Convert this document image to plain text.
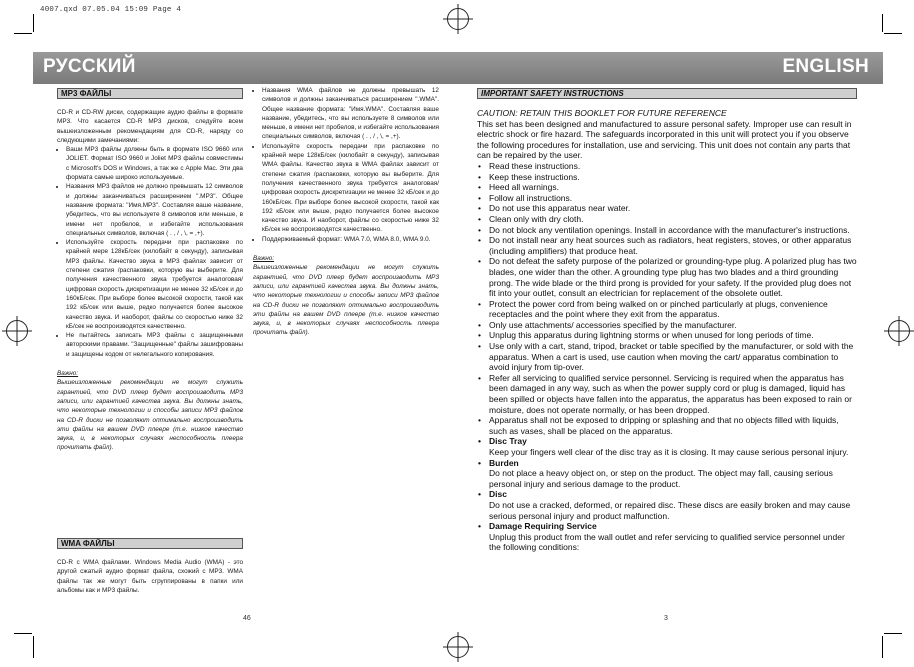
4007.qxd 07.05.04 15:09 Page 4
РУССКИЙ	ENGLISH
MP3 ФАЙЛЫ

CD-R и CD-RW диски, содержащие аудио файлы в формате MP3. Что касается CD-R MP3 дисков, следуйте всем вышеизложенным рекомендациям для CD-R, наряду со следующими замечаниями:

• Ваши MP3 файлы должны быть в формате ISO 9660 или JOLIET. Формат ISO 9660 и Joliet MP3 файлы совместимы с Microsoft's DOS и Windows, а так же с Apple Mac. Эти два формата самые широко используемые.
• Названия MP3 файлов не должно превышать 12 символов и должны заканчиваться расширением ".MP3". Общее название формата: "Имя.MP3". Составляя ваше название, убедитесь, что вы используете 8 символов или меньше, в имени нет пробелов, и избегайте использования специальных символов, включая ( . , / , \, = ,+).
• Используйте скорость передачи при распаковке по крайней мере 128кБ/сек (килобайт в секунду), записывая MP3 файлы. Качество звука в MP3 файлах зависит от степени сжатия /распаковки, которую вы выберите. Для получения качественного звука требуется аналоговая/цифровая скорость дискретизации не менее 32 кБ/сек и до 160кБ/сек. При выборе более высокой скорости, такой как 192 кБ/сек или выше, редко получается более высокое качество звука. И наоборот, файлы со скоростью ниже 32 кБ/сек не воспроизводятся качественно.
• Не пытайтесь записать MP3 файлы с защищенными авторскими правами. "Защищенные" файлы зашифрованы и защищены кодом от нелегального копирования.

Важно:

Вышеизложенные рекомендации не могут служить гарантией, что DVD плеер будет воспроизводить MP3 записи, или гарантией качества звука. Вы должны знать, что некоторые технологии и способы записи MP3 файлов на CD-R диски не позволяют оптимально воспроизводить эти файлы на вашем DVD плеере (т.е. низкое качество звука, и, в некоторых случаях неспособность плеера прочитать файл).

WMA ФАЙЛЫ

CD-R с WMA файлами. Windows Media Audio (WMA) - это другой сжатый аудио формат файла, схожий с MP3. WMA файлы так же могут быть сгруппированы в папки или альбомы как и MP3 файлы.

• Названия WMA файлов не должны превышать 12 символов и должны заканчиваться расширением ".WMA". Общее название формата: "Имя.WMA". Составляя ваше название, убедитесь, что вы используете 8 символов или меньше, в имени нет пробелов, и избегайте использования специальных символов, включая ( . , / , \, = ,+).
• Используйте скорость передачи при распаковке по крайней мере 128кБ/сек (килобайт в секунду), записывая WMA файлы. Качество звука в WMA файлах зависит от степени сжатия /распаковки, которую вы выберите. Для получения качественного звука требуется аналоговая/цифровая скорость дискретизации не менее 32 кБ/сек и до 160кБ/сек. При выборе более высокой скорости, такой как 192 кБ/сек или выше, редко получается более высокое качество звука. И наоборот, файлы со скоростью ниже 32 кБ/сек не воспроизводятся качественно.
• Поддерживаемый формат: WMA 7.0, WMA 8.0, WMA 9.0.

Важно:

Вышеизложенные рекомендации не могут служить гарантией, что DVD плеер будет воспроизводить MP3 записи, или гарантией качества звука. Вы должны знать, что некоторые технологии и способы записи MP3 файлов на CD-R диски не позволяют оптимально воспроизводить эти файлы на вашем DVD плеере (т.е. низкое качество звука, и, в некоторых случаях неспособность плеера прочитать файл).

46
IMPORTANT SAFETY INSTRUCTIONS

CAUTION: RETAIN THIS BOOKLET FOR FUTURE REFERENCE

This set has been designed and manufactured to assure personal safety. Improper use can result in electric shock or fire hazard. The safeguards incorporated in this unit will protect you if you observe the following procedures for installation, use and servicing. This unit does not contain any parts that can be repaired by the user.

• Read these instructions.
• Keep these instructions.
• Heed all warnings.
• Follow all instructions.
• Do not use this apparatus near water.
• Clean only with dry cloth.
• Do not block any ventilation openings. Install in accordance with the manufacturer's instructions.
• Do not install near any heat sources such as radiators, heat registers, stoves, or other apparatus (including amplifiers) that produce heat.
• Do not defeat the safety purpose of the polarized or grounding-type plug. A polarized plug has two blades, one wider than the other. A grounding type plug has two blades and a third grounding prong. The wide blade or the third prong is provided for your safety. If the provided plug does not fit into your outlet, consult an electrician for replacement of the obsolete outlet.
• Protect the power cord from being walked on or pinched particularly at plugs, convenience receptacles and the point where they exit from the apparatus.
• Only use attachments/ accessories specified by the manufacturer.
• Unplug this apparatus during lightning storms or when unused for long periods of time.
• Use only with a cart, stand, tripod, bracket or table specified by the manufacturer, or sold with the apparatus. When a cart is used, use caution when moving the cart/ apparatus combination to avoid injury from tip-over.
• Refer all servicing to qualified service personnel. Servicing is required when the apparatus has been damaged in any way, such as when the power supply cord or plug is damaged, liquid has been spilled or objects have fallen into the apparatus, the apparatus has been exposed to rain or moisture, does not operate normally, or has been dropped.
• Apparatus shall not be exposed to dripping or splashing and that no objects filled with liquids, such as vases, shall be placed on the apparatus.
• Disc Tray

Keep your fingers well clear of the disc tray as it is closing. It may cause serious personal injury.

• Burden

Do not place a heavy object on, or step on the product. The object may fall, causing serious personal injury and serious damage to the product.

• Disc

Do not use a cracked, deformed, or repaired disc. These discs are easily broken and may cause serious personal injury and product malfunction.

• Damage Requiring Service

Unplug this product from the wall outlet and refer servicing to qualified service personnel under the following conditions:

3
